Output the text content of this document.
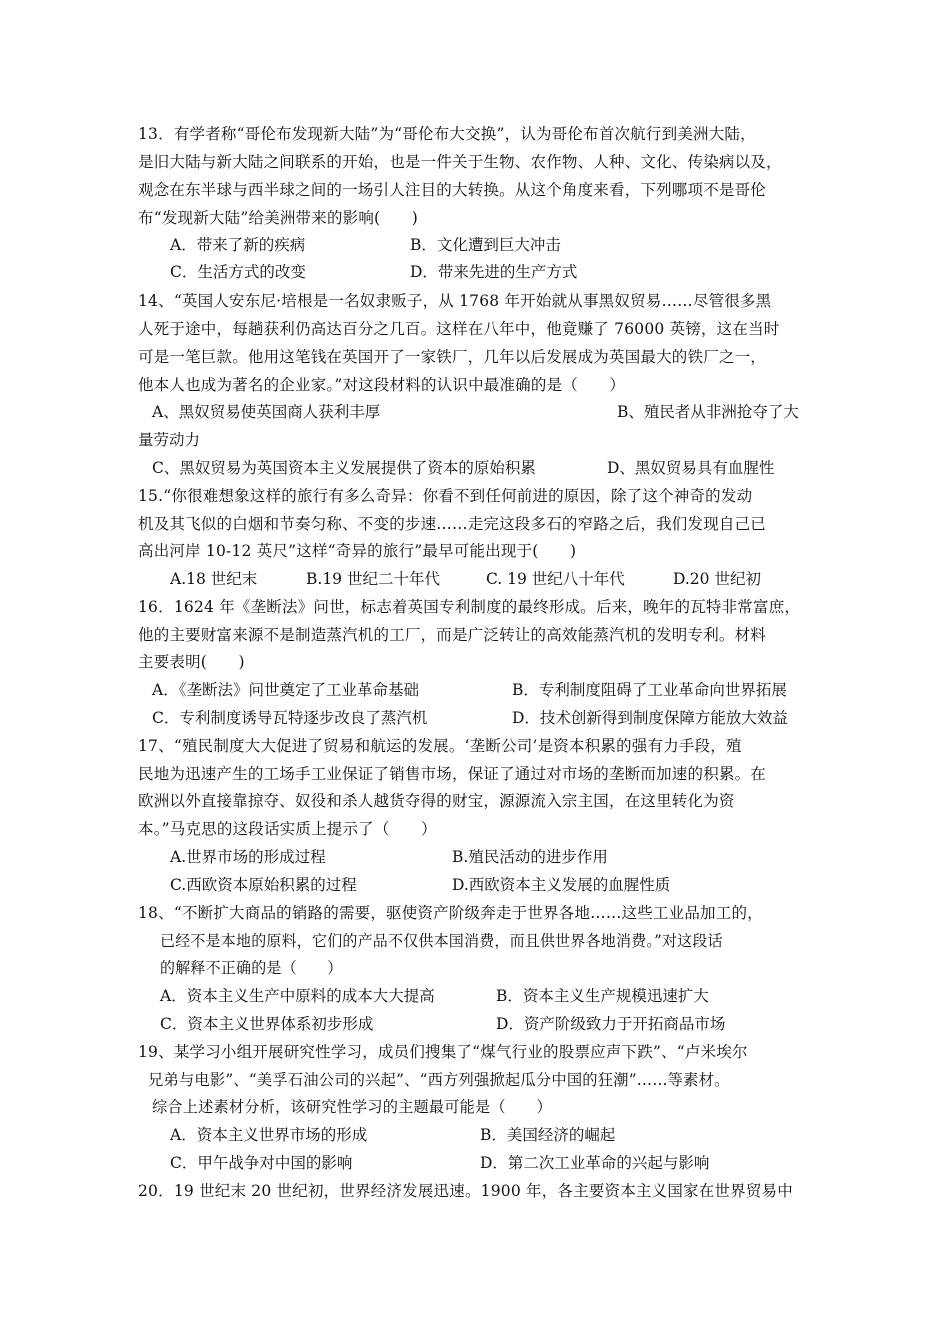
13．有学者称“哥伦布发现新大陆”为“哥伦布大交换”，认为哥伦布首次航行到美洲大陆，
是旧大陆与新大陆之间联系的开始，也是一件关于生物、农作物、人种、文化、传染病以及，
观念在东半球与西半球之间的一场引人注目的大转换。从这个角度来看，下列哪项不是哥伦
布“发现新大陆”给美洲带来的影响(　　)
A．带来了新的疾病	B．文化遭到巨大冲击
C．生活方式的改变	D．带来先进的生产方式
14、“英国人安东尼·培根是一名奴隶贩子，从 1768 年开始就从事黑奴贸易……尽管很多黑
人死于途中，每趟获利仍高达百分之几百。这样在八年中，他竟赚了 76000 英镑，这在当时
可是一笔巨款。他用这笔钱在英国开了一家铁厂，几年以后发展成为英国最大的铁厂之一，
他本人也成为著名的企业家。”对这段材料的认识中最准确的是（　　）
A、黑奴贸易使英国商人获利丰厚	B、殖民者从非洲抢夺了大
量劳动力
C、黑奴贸易为英国资本主义发展提供了资本的原始积累	D、黑奴贸易具有血腥性
15.“你很难想象这样的旅行有多么奇异：你看不到任何前进的原因，除了这个神奇的发动
机及其飞似的白烟和节奏匀称、不变的步速……走完这段多石的窄路之后，我们发现自己已
高出河岸 10-12 英尺”这样“奇异的旅行”最早可能出现于(　　)
A.18 世纪末	B.19 世纪二十年代	C. 19 世纪八十年代	D.20 世纪初
16．1624 年《垄断法》问世，标志着英国专利制度的最终形成。后来，晚年的瓦特非常富庶，
他的主要财富来源不是制造蒸汽机的工厂，而是广泛转让的高效能蒸汽机的发明专利。材料
主要表明(　　)
A．《垄断法》问世奠定了工业革命基础	B．专利制度阻碍了工业革命向世界拓展
C．专利制度诱导瓦特逐步改良了蒸汽机	D．技术创新得到制度保障方能放大效益
17、“殖民制度大大促进了贸易和航运的发展。‘垄断公司’是资本积累的强有力手段，殖
民地为迅速产生的工场手工业保证了销售市场，保证了通过对市场的垄断而加速的积累。在
欧洲以外直接靠掠夺、奴役和杀人越货夺得的财宝，源源流入宗主国，在这里转化为资
本。”马克思的这段话实质上提示了（　　）
A.世界市场的形成过程	B.殖民活动的进步作用
C.西欧资本原始积累的过程	D.西欧资本主义发展的血腥性质
18、“不断扩大商品的销路的需要，驱使资产阶级奔走于世界各地……这些工业品加工的，
已经不是本地的原料，它们的产品不仅供本国消费，而且供世界各地消费。”对这段话
的解释不正确的是（　　）
A．资本主义生产中原料的成本大大提高	B．资本主义生产规模迅速扩大
C．资本主义世界体系初步形成	D．资产阶级致力于开拓商品市场
19、某学习小组开展研究性学习，成员们搜集了“煤气行业的股票应声下跌”、“卢米埃尔
兄弟与电影”、“美孚石油公司的兴起”、“西方列强掀起瓜分中国的狂潮”……等素材。
综合上述素材分析，该研究性学习的主题最可能是（　　）
A．资本主义世界市场的形成	B．美国经济的崛起
C．甲午战争对中国的影响	D．第二次工业革命的兴起与影响
20．19 世纪末 20 世纪初，世界经济发展迅速。1900 年，各主要资本主义国家在世界贸易中
